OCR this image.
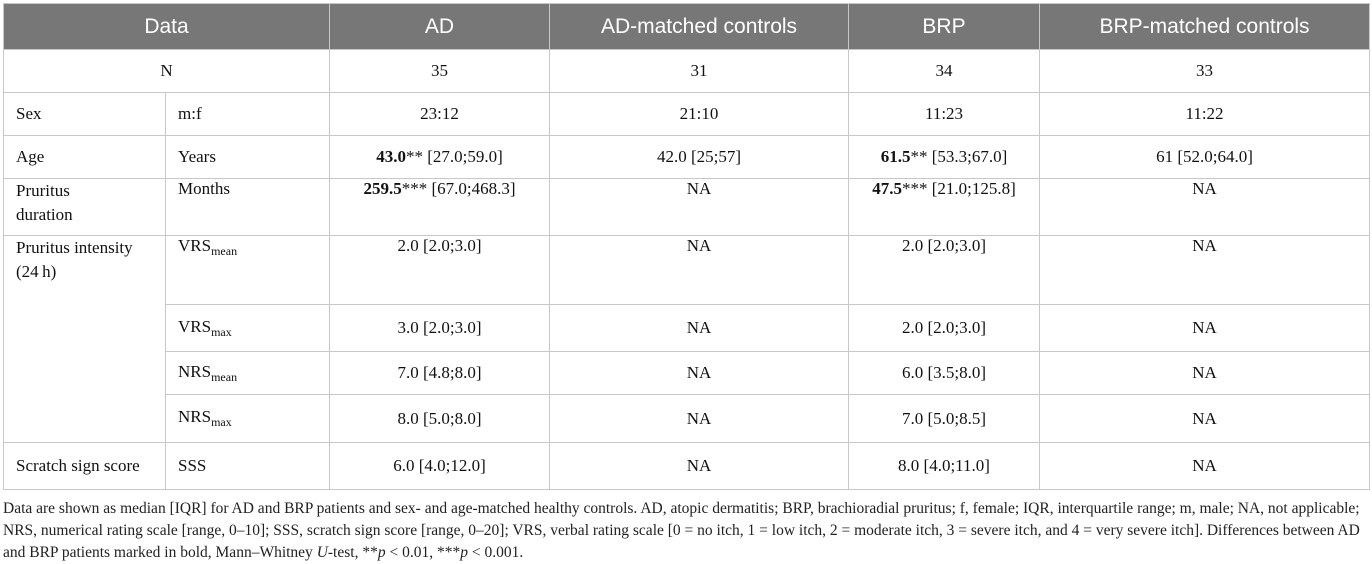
Data		AD	AD-matched controls	BRP	BRP-matched controls
N		35	31	34	33
Sex	m:f	23:12	21:10	11:23	11:22
Age	Years	43.0** [27.0;59.0]	42.0 [25;57]	61.5** [53.3;67.0]	61 [52.0;64.0]
Pruritus
duration	Months	259.5*** [67.0;468.3]	NA	47.5*** [21.0;125.8]	NA
Pruritus intensity
(24 h)	$VRS_{mean}$	2.0 [2.0;3.0]	NA	2.0 [2.0;3.0]	NA
	$VRS_{max}$	3.0 [2.0;3.0]	NA	2.0 [2.0;3.0]	NA
	$NRS_{mean}$	7.0 [4.8;8.0]	NA	6.0 [3.5;8.0]	NA
	$NRS_{max}$	8.0 [5.0;8.0]	NA	7.0 [5.0;8.5]	NA
Scratch sign score	SSS	6.0 [4.0;12.0]	NA	8.0 [4.0;11.0]	NA
Data are shown as median [IQR] for AD and BRP patients and sex- and age-matched healthy controls. AD, atopic dermatitis; BRP, brachioradial pruritus; f, female; IQR, interquartile range; m, male; NA, not applicable; NRS, numerical rating scale [range, 0–10]; SSS, scratch sign score [range, 0–20]; VRS, verbal rating scale [0 = no itch, 1 = low itch, 2 = moderate itch, 3 = severe itch, and 4 = very severe itch]. Differences between AD and BRP patients marked in bold, Mann–Whitney U-test, **p < 0.01, ***p < 0.001.
